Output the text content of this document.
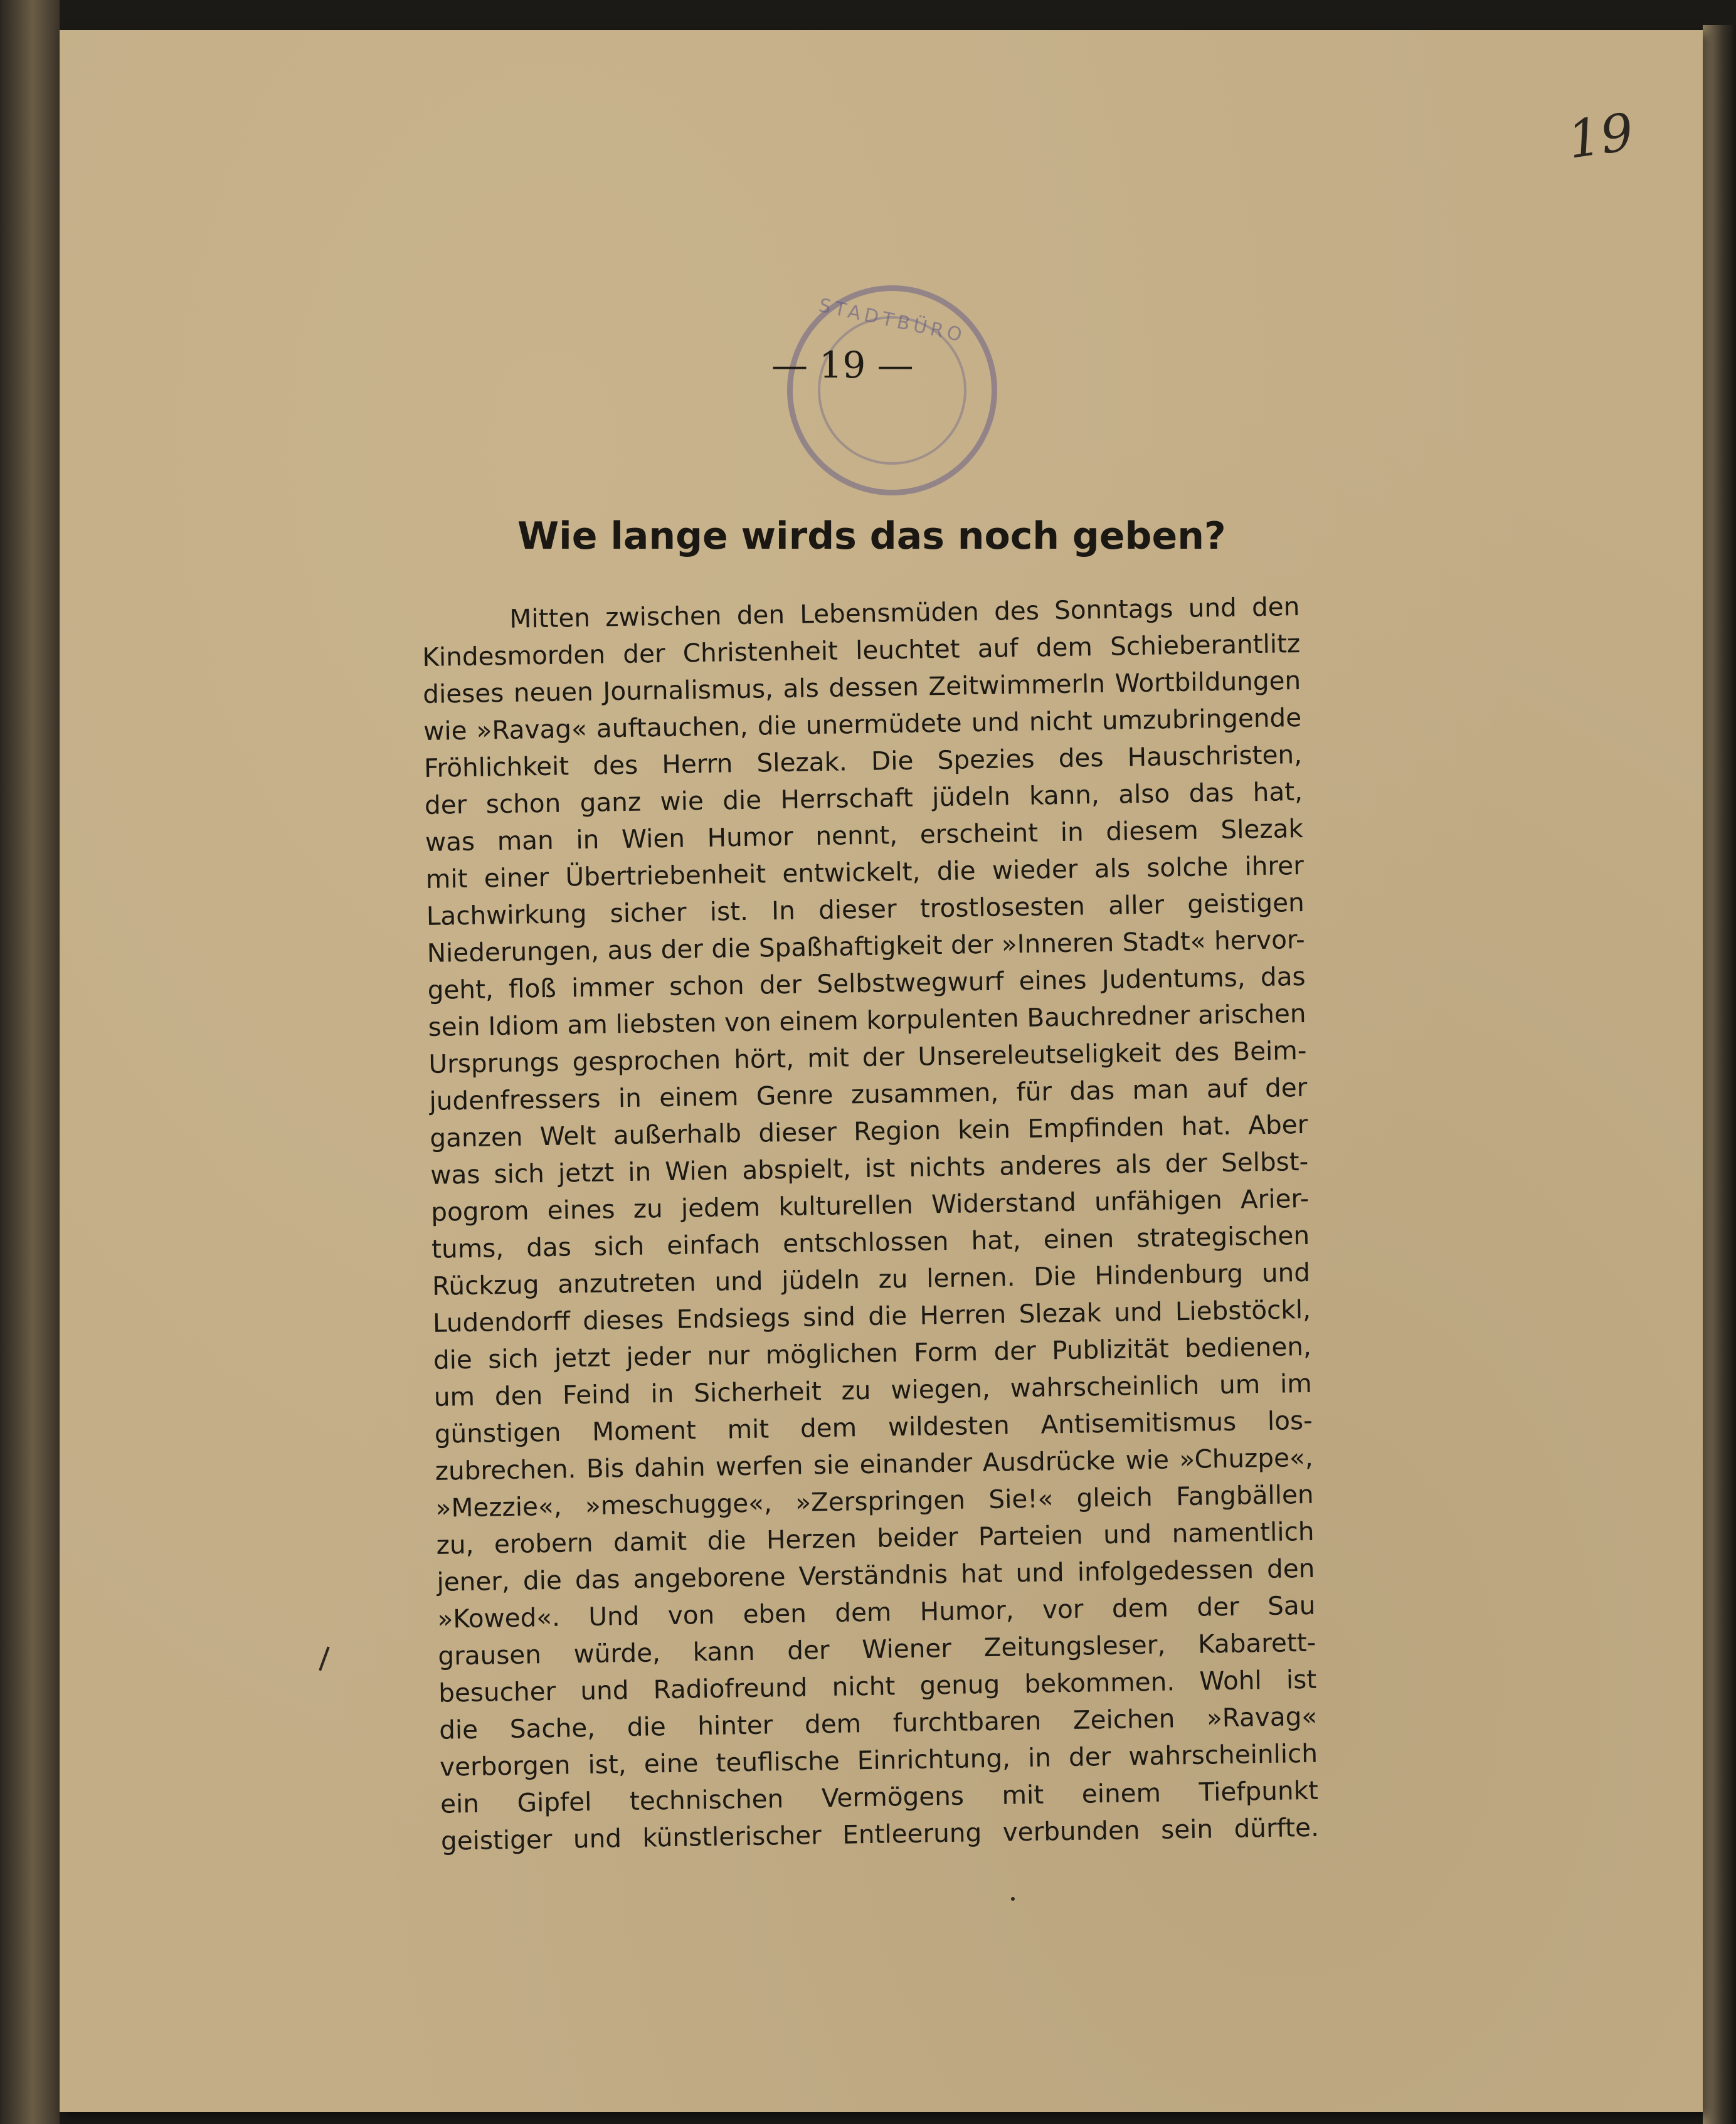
19
STADTBÜRO
— 19 —
Wie lange wirds das noch geben?
Mitten zwischen den Lebensmüden des Sonntags und den
Kindesmorden der Christenheit leuchtet auf dem Schieberantlitz
dieses neuen Journalismus, als dessen Zeitwimmerln Wortbildungen
wie »Ravag« auftauchen, die unermüdete und nicht umzubringende
Fröhlichkeit des Herrn Slezak. Die Spezies des Hauschristen,
der schon ganz wie die Herrschaft jüdeln kann, also das hat,
was man in Wien Humor nennt, erscheint in diesem Slezak
mit einer Übertriebenheit entwickelt, die wieder als solche ihrer
Lachwirkung sicher ist. In dieser trostlosesten aller geistigen
Niederungen, aus der die Spaßhaftigkeit der »Inneren Stadt« hervor-
geht, floß immer schon der Selbstwegwurf eines Judentums, das
sein Idiom am liebsten von einem korpulenten Bauchredner arischen
Ursprungs gesprochen hört, mit der Unsereleutseligkeit des Beim-
judenfressers in einem Genre zusammen, für das man auf der
ganzen Welt außerhalb dieser Region kein Empfinden hat. Aber
was sich jetzt in Wien abspielt, ist nichts anderes als der Selbst-
pogrom eines zu jedem kulturellen Widerstand unfähigen Arier-
tums, das sich einfach entschlossen hat, einen strategischen
Rückzug anzutreten und jüdeln zu lernen. Die Hindenburg und
Ludendorff dieses Endsiegs sind die Herren Slezak und Liebstöckl,
die sich jetzt jeder nur möglichen Form der Publizität bedienen,
um den Feind in Sicherheit zu wiegen, wahrscheinlich um im
günstigen Moment mit dem wildesten Antisemitismus los-
zubrechen. Bis dahin werfen sie einander Ausdrücke wie »Chuzpe«,
»Mezzie«, »meschugge«, »Zerspringen Sie!« gleich Fangbällen
zu, erobern damit die Herzen beider Parteien und namentlich
jener, die das angeborene Verständnis hat und infolgedessen den
»Kowed«. Und von eben dem Humor, vor dem der Sau
grausen würde, kann der Wiener Zeitungsleser, Kabarett-
besucher und Radiofreund nicht genug bekommen. Wohl ist
die Sache, die hinter dem furchtbaren Zeichen »Ravag«
verborgen ist, eine teuflische Einrichtung, in der wahrscheinlich
ein Gipfel technischen Vermögens mit einem Tiefpunkt
geistiger und künstlerischer Entleerung verbunden sein dürfte.
